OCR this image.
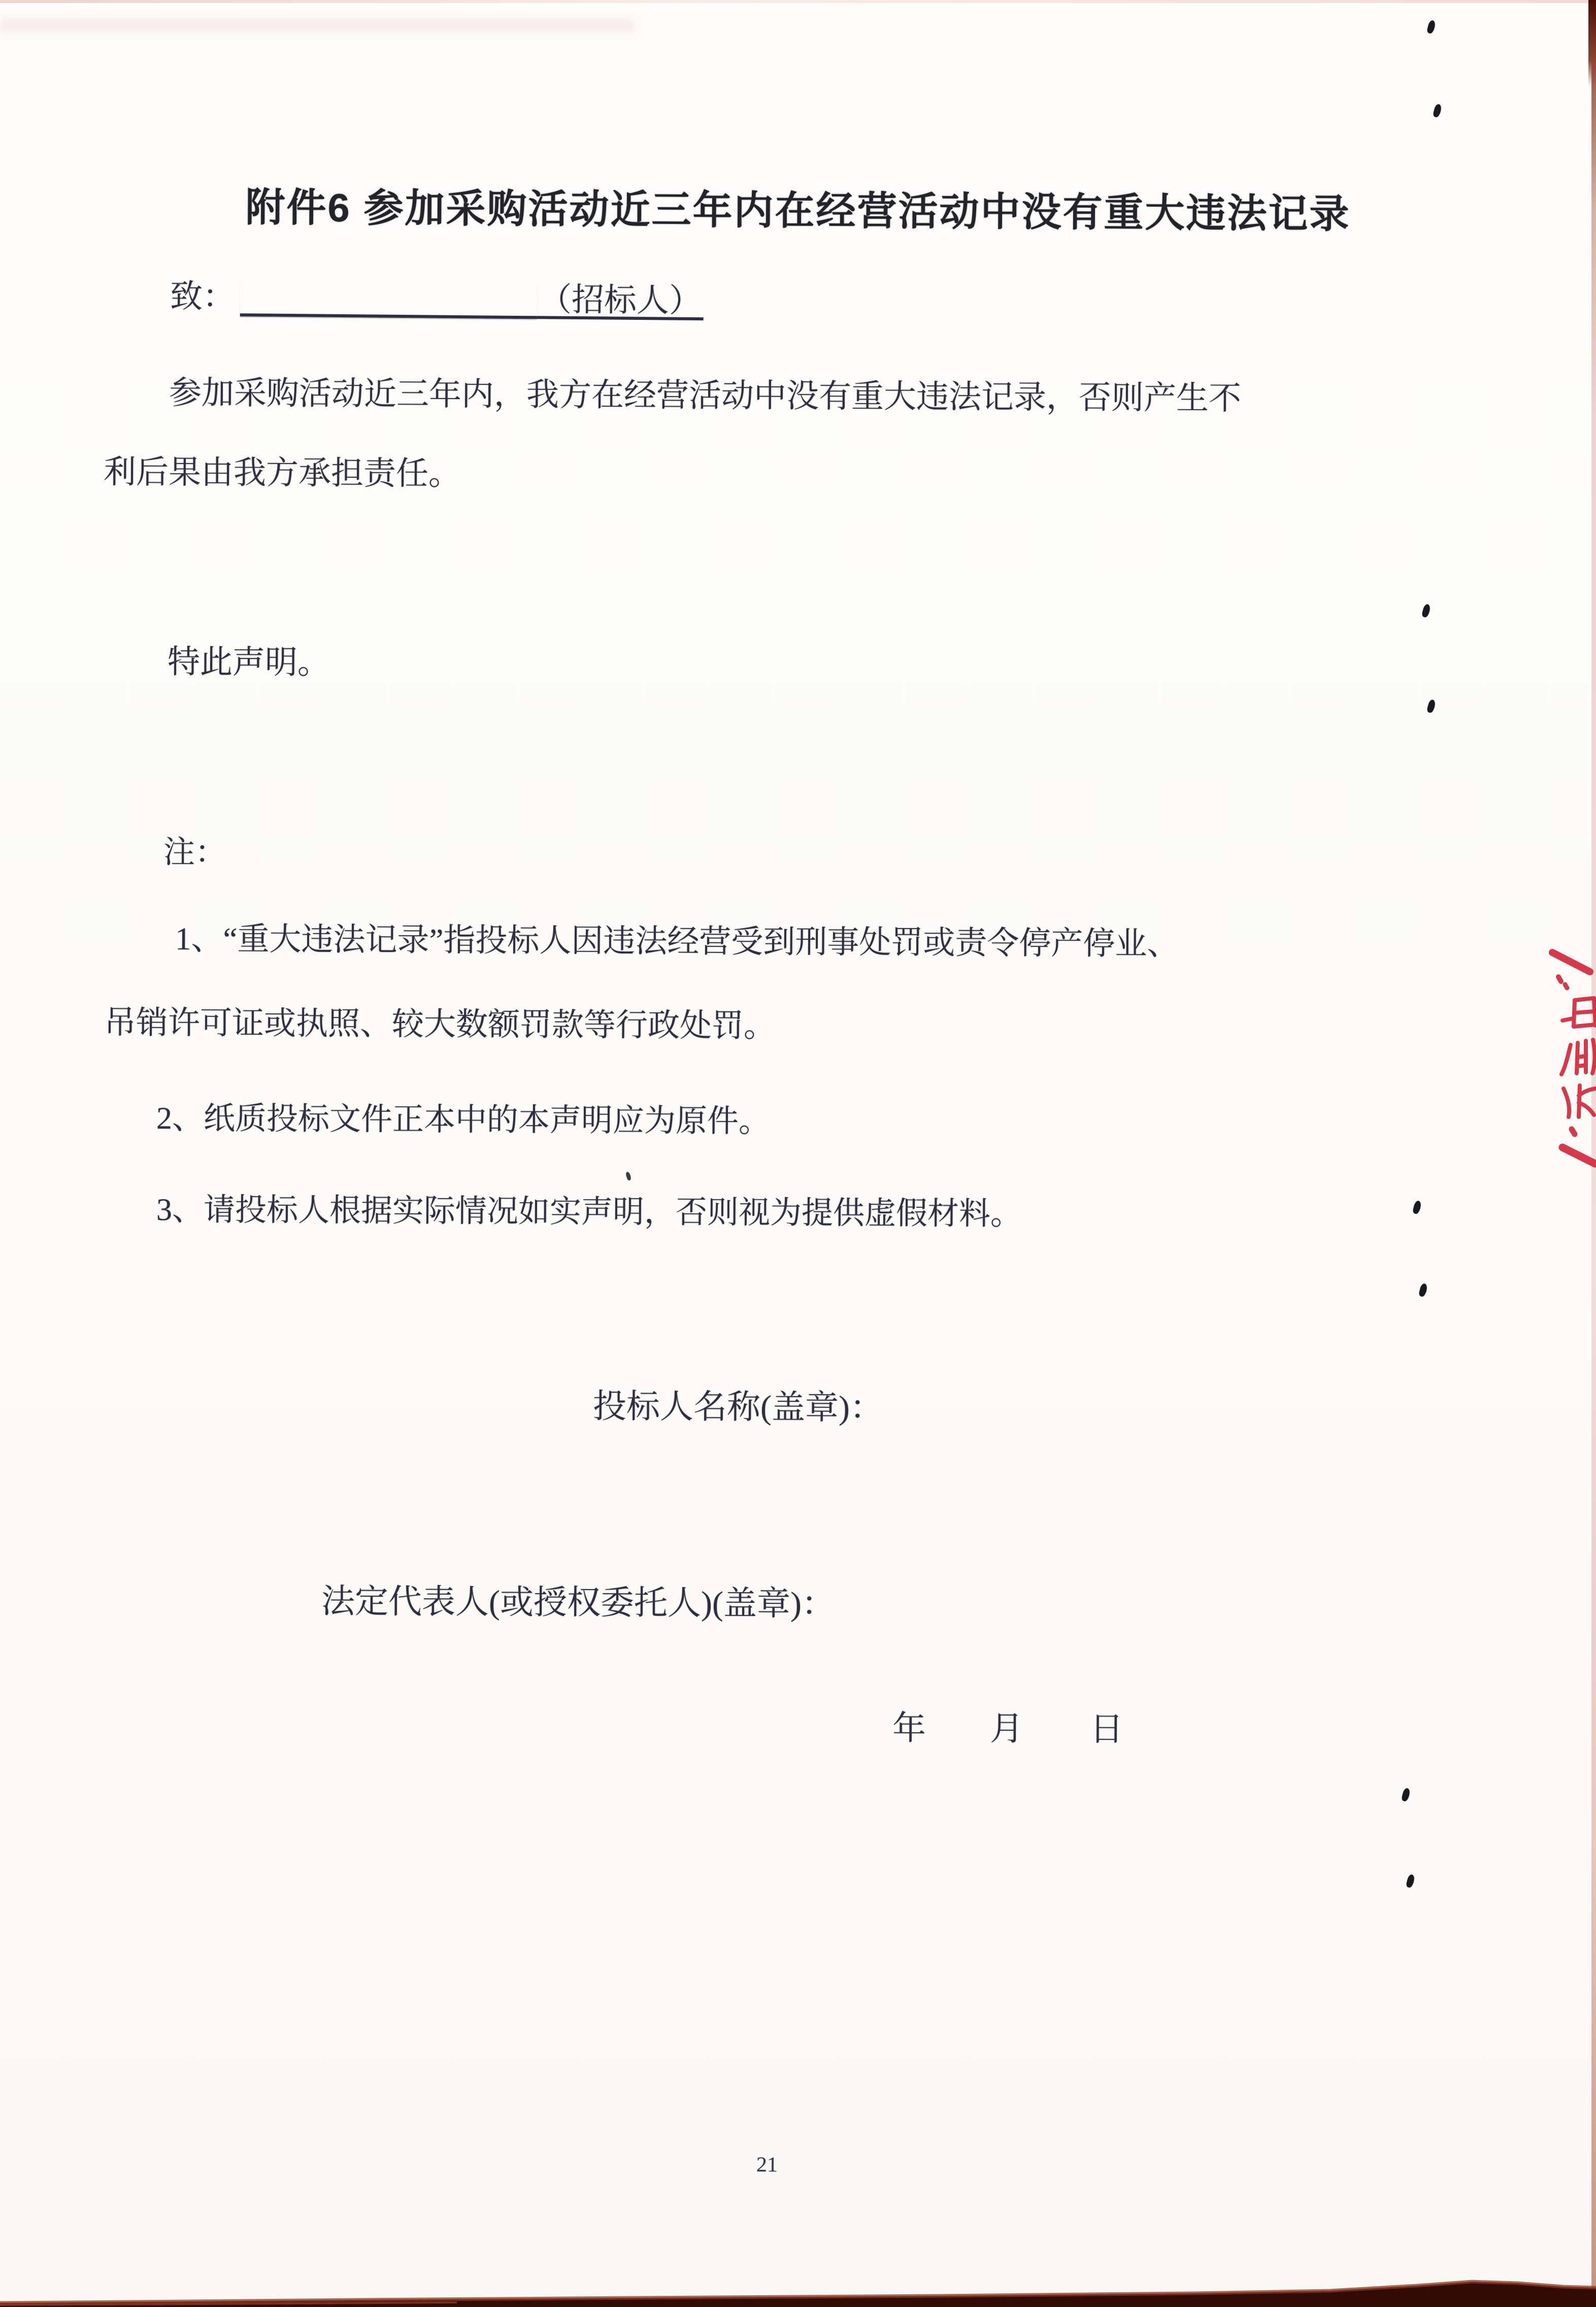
附件6 参加采购活动近三年内在经营活动中没有重大违法记录
致：	（招标人）
参加采购活动近三年内，我方在经营活动中没有重大违法记录，否则产生不
利后果由我方承担责任。
特此声明。
注：
1、“重大违法记录”指投标人因违法经营受到刑事处罚或责令停产停业、
吊销许可证或执照、较大数额罚款等行政处罚。
2、纸质投标文件正本中的本声明应为原件。
3、请投标人根据实际情况如实声明，否则视为提供虚假材料。
投标人名称(盖章)：
法定代表人(或授权委托人)(盖章)：
年 月 日
21
